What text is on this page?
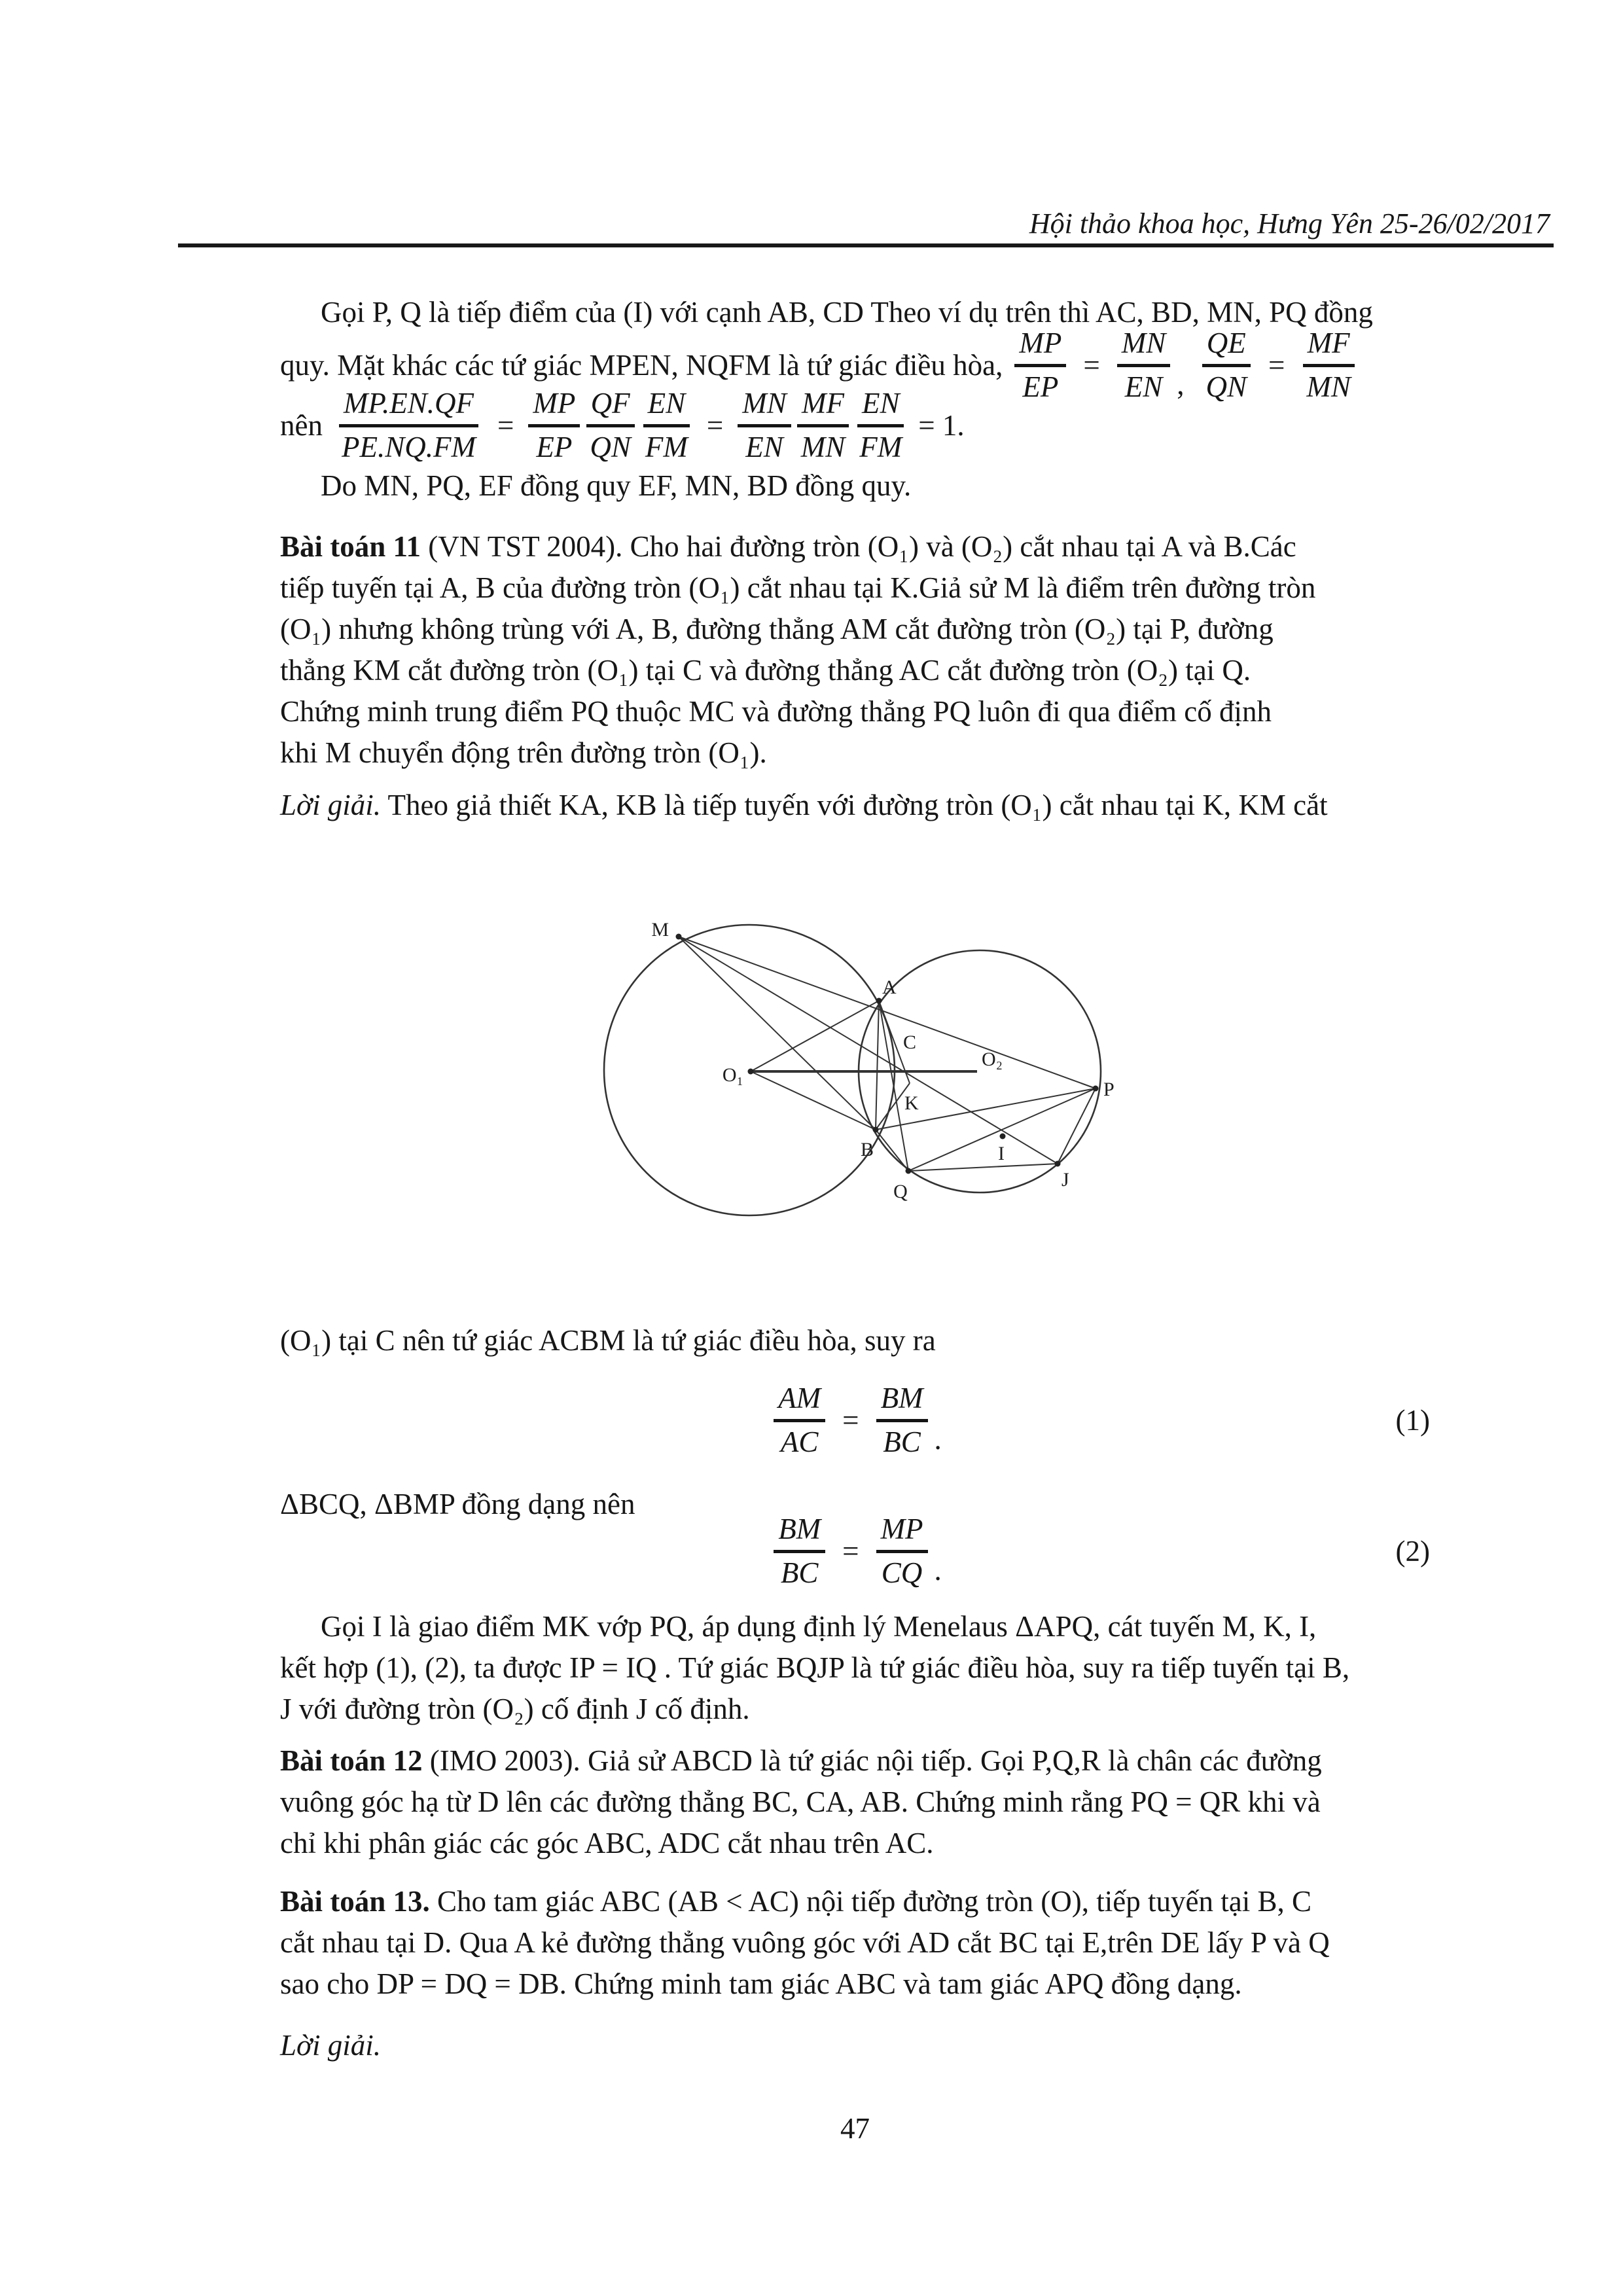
Hội thảo khoa học, Hưng Yên 25-26/02/2017
Gọi P, Q là tiếp điểm của (I) với cạnh AB, CD Theo ví dụ trên thì AC, BD, MN, PQ đồng
quy. Mặt khác các tứ giác MPEN, NQFM là tứ giác điều hòa, $\frac{MP}{EP} = \frac{MN}{EN}$ , $\frac{QE}{QN} = \frac{MF}{MN}$
nên $\frac{MP.EN.QF}{PE.NQ.FM} = \frac{MP}{EP} \frac{QF}{QN} \frac{EN}{FM} = \frac{MN}{EN} \frac{MF}{MN} \frac{EN}{FM} = 1$.
Do MN, PQ, EF đồng quy EF, MN, BD đồng quy.
Bài toán 11 (VN TST 2004). Cho hai đường tròn (O₁) và (O₂) cắt nhau tại A và B.Các
tiếp tuyến tại A, B của đường tròn (O₁) cắt nhau tại K.Giả sử M là điểm trên đường tròn
(O₁) nhưng không trùng với A, B, đường thẳng AM cắt đường tròn (O₂) tại P, đường
thẳng KM cắt đường tròn (O₁) tại C và đường thẳng AC cắt đường tròn (O₂) tại Q.
Chứng minh trung điểm PQ thuộc MC và đường thẳng PQ luôn đi qua điểm cố định
khi M chuyển động trên đường tròn (O₁).
Lời giải. Theo giả thiết KA, KB là tiếp tuyến với đường tròn (O₁) cắt nhau tại K, KM cắt
M
A
C
O₁
O₂
K
P
B	I
Q
J
(O₁) tại C nên tứ giác ACBM là tứ giác điều hòa, suy ra
$\frac{AM}{AC} = \frac{BM}{BC}$ .
(1)
ΔBCQ, ΔBMP đồng dạng nên
$\frac{BM}{BC} = \frac{MP}{CQ}$ .
(2)
Gọi I là giao điểm MK vớp PQ, áp dụng định lý Menelaus ΔAPQ, cát tuyến M, K, I,
kết hợp (1), (2), ta được IP = IQ . Tứ giác BQJP là tứ giác điều hòa, suy ra tiếp tuyến tại B,
J với đường tròn (O₂) cố định J cố định.
Bài toán 12 (IMO 2003). Giả sử ABCD là tứ giác nội tiếp. Gọi P,Q,R là chân các đường
vuông góc hạ từ D lên các đường thẳng BC, CA, AB. Chứng minh rằng PQ = QR khi và
chỉ khi phân giác các góc ABC, ADC cắt nhau trên AC.
Bài toán 13. Cho tam giác ABC (AB < AC) nội tiếp đường tròn (O), tiếp tuyến tại B, C
cắt nhau tại D. Qua A kẻ đường thẳng vuông góc với AD cắt BC tại E,trên DE lấy P và Q
sao cho DP = DQ = DB. Chứng minh tam giác ABC và tam giác APQ đồng dạng.
Lời giải.
47
